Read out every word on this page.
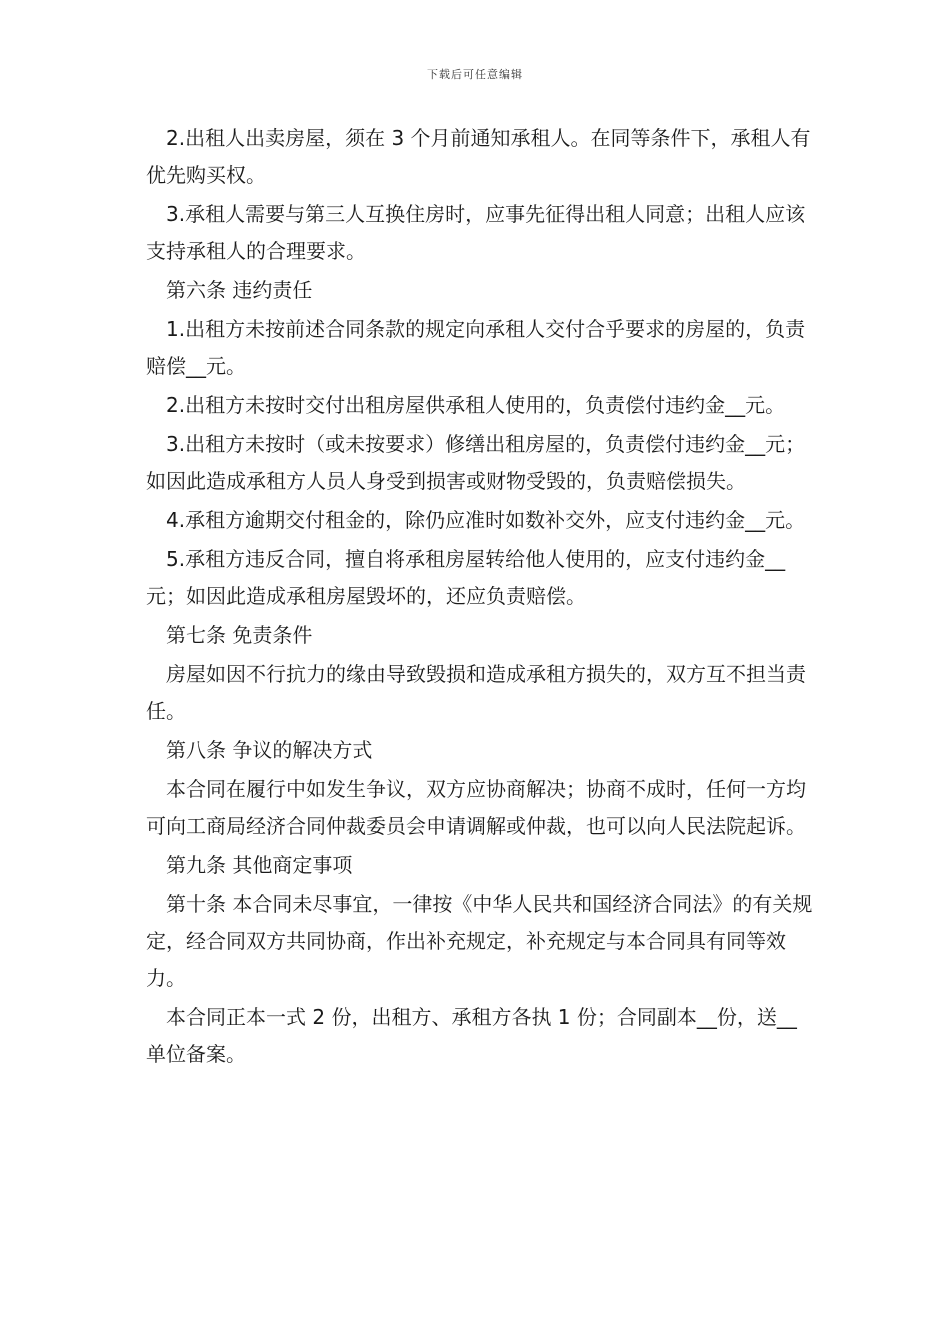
下载后可任意编辑

2.出租人出卖房屋，须在 3 个月前通知承租人。在同等条件下，承租人有优先购买权。

3.承租人需要与第三人互换住房时，应事先征得出租人同意；出租人应该支持承租人的合理要求。

第六条 违约责任

1.出租方未按前述合同条款的规定向承租人交付合乎要求的房屋的，负责赔偿__元。

2.出租方未按时交付出租房屋供承租人使用的，负责偿付违约金__元。

3.出租方未按时（或未按要求）修缮出租房屋的，负责偿付违约金__元；如因此造成承租方人员人身受到损害或财物受毁的，负责赔偿损失。

4.承租方逾期交付租金的，除仍应准时如数补交外，应支付违约金__元。

5.承租方违反合同，擅自将承租房屋转给他人使用的，应支付违约金__元；如因此造成承租房屋毁坏的，还应负责赔偿。

第七条 免责条件

房屋如因不行抗力的缘由导致毁损和造成承租方损失的，双方互不担当责任。

第八条 争议的解决方式

本合同在履行中如发生争议，双方应协商解决；协商不成时，任何一方均可向工商局经济合同仲裁委员会申请调解或仲裁，也可以向人民法院起诉。

第九条 其他商定事项

第十条 本合同未尽事宜，一律按《中华人民共和国经济合同法》的有关规定，经合同双方共同协商，作出补充规定，补充规定与本合同具有同等效力。

本合同正本一式 2 份，出租方、承租方各执 1 份；合同副本__份，送__单位备案。
